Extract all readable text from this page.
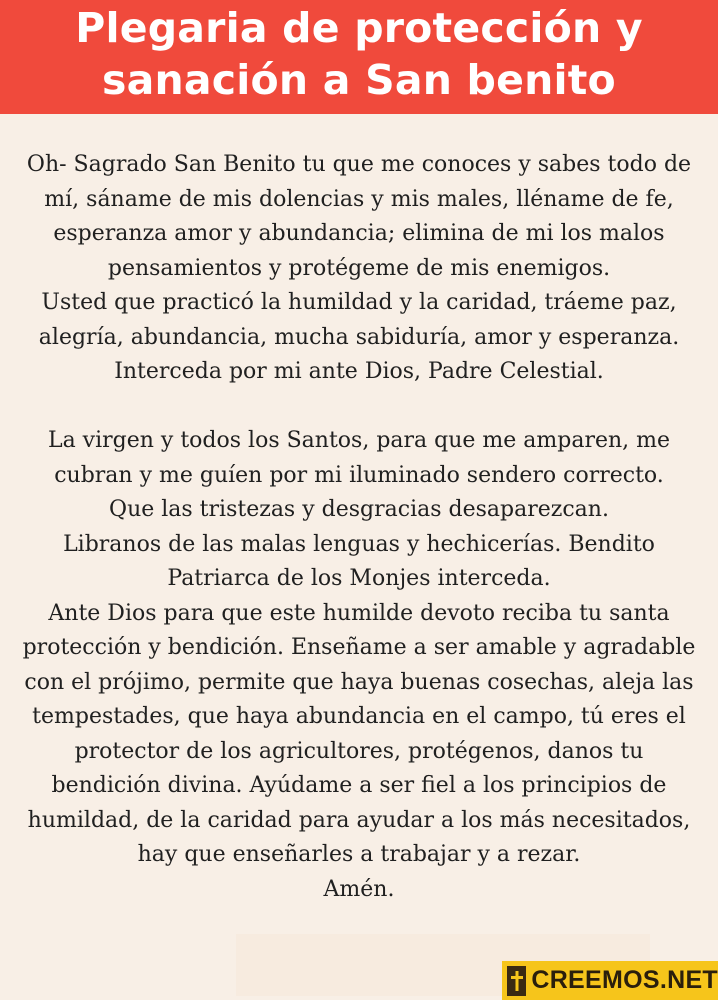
Plegaria de protección y
sanación a San benito

Oh- Sagrado San Benito tu que me conoces y sabes todo de

mí, sáname de mis dolencias y mis males, lléname de fe,

esperanza amor y abundancia; elimina de mi los malos

pensamientos y protégeme de mis enemigos.

Usted que practicó la humildad y la caridad, tráeme paz,

alegría, abundancia, mucha sabiduría, amor y esperanza.

Interceda por mi ante Dios, Padre Celestial.

La virgen y todos los Santos, para que me amparen, me

cubran y me guíen por mi iluminado sendero correcto.

Que las tristezas y desgracias desaparezcan.

Libranos de las malas lenguas y hechicerías. Bendito

Patriarca de los Monjes interceda.

Ante Dios para que este humilde devoto reciba tu santa

protección y bendición. Enseñame a ser amable y agradable

con el prójimo, permite que haya buenas cosechas, aleja las

tempestades, que haya abundancia en el campo, tú eres el

protector de los agricultores, protégenos, danos tu

bendición divina. Ayúdame a ser fiel a los principios de

humildad, de la caridad para ayudar a los más necesitados,

hay que enseñarles a trabajar y a rezar.

Amén.

CREEMOS.NET
